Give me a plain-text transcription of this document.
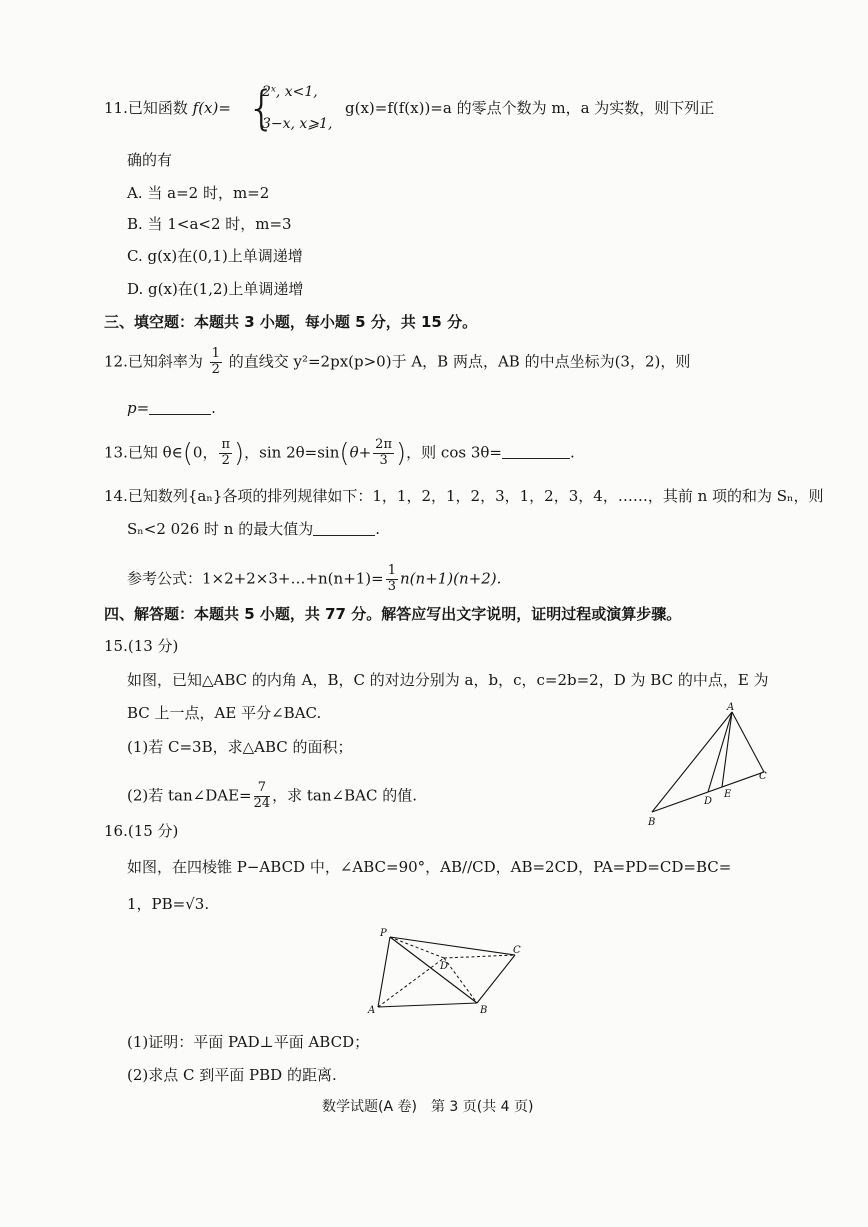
11.已知函数 f(x)= {
2ˣ, x<1,
3−x, x⩾1,
g(x)=f(f(x))=a 的零点个数为 m，a 为实数，则下列正
确的有
A. 当 a=2 时，m=2
B. 当 1<a<2 时，m=3
C. g(x)在(0,1)上单调递增
D. g(x)在(1,2)上单调递增
三、填空题：本题共 3 小题，每小题 5 分，共 15 分。
12.已知斜率为 $\frac{1}{2}$ 的直线交 y²=2px(p>0)于 A，B 两点，AB 的中点坐标为(3，2)，则
p=	.
13.已知 θ∈(0， $\frac{\pi}{2}$ )，$\sin 2\theta=\sin(\theta+ \frac{2\pi}{3}$ )，则 cos 3θ=	.
14.已知数列{aₙ}各项的排列规律如下：1，1，2，1，2，3，1，2，3，4，……，其前 n 项的和为 Sₙ，则
Sₙ<2 026 时 n 的最大值为	.
参考公式：1×2+2×3+…+n(n+1)= $\frac{1}{3} n(n+1)(n+2)$.
四、解答题：本题共 5 小题，共 77 分。解答应写出文字说明，证明过程或演算步骤。
15.(13 分)
如图，已知△ABC 的内角 A，B，C 的对边分别为 a，b，c，c=2b=2，D 为 BC 的中点，E 为
BC 上一点，AE 平分∠BAC.
(1)若 C=3B，求△ABC 的面积；
(2)若 tan∠DAE= $\frac{7}{24}$ ，求 tan∠BAC 的值.
A
B
C
D
E
16.(15 分)
如图，在四棱锥 P−ABCD 中，∠ABC=90°，AB//CD，AB=2CD，PA=PD=CD=BC=
1，PB=√3.
P
A	B
C
D
(1)证明：平面 PAD⊥平面 ABCD；
(2)求点 C 到平面 PBD 的距离.
数学试题(A 卷)　第 3 页(共 4 页)
